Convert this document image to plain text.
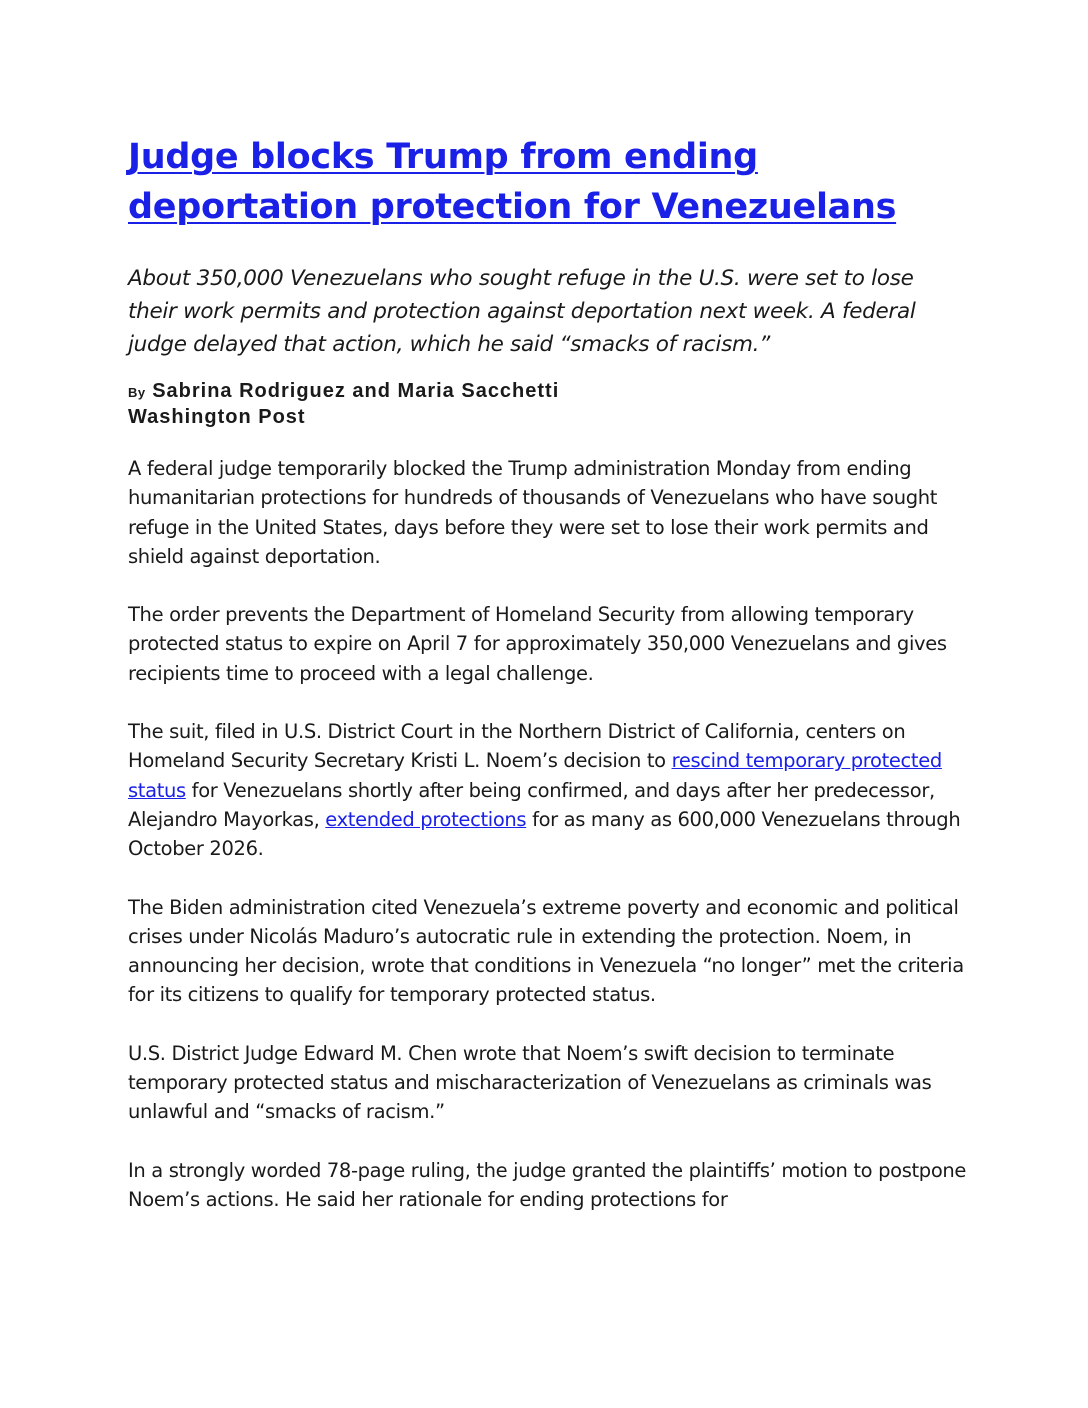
Judge blocks Trump from ending deportation protection for Venezuelans

About 350,000 Venezuelans who sought refuge in the U.S. were set to lose their work permits and protection against deportation next week. A federal judge delayed that action, which he said “smacks of racism.”

By Sabrina Rodriguez and Maria Sacchetti
Washington Post

A federal judge temporarily blocked the Trump administration Monday from ending humanitarian protections for hundreds of thousands of Venezuelans who have sought refuge in the United States, days before they were set to lose their work permits and shield against deportation.

The order prevents the Department of Homeland Security from allowing temporary protected status to expire on April 7 for approximately 350,000 Venezuelans and gives recipients time to proceed with a legal challenge.

The suit, filed in U.S. District Court in the Northern District of California, centers on Homeland Security Secretary Kristi L. Noem’s decision to rescind temporary protected status for Venezuelans shortly after being confirmed, and days after her predecessor, Alejandro Mayorkas, extended protections for as many as 600,000 Venezuelans through October 2026.

The Biden administration cited Venezuela’s extreme poverty and economic and political crises under Nicolás Maduro’s autocratic rule in extending the protection. Noem, in announcing her decision, wrote that conditions in Venezuela “no longer” met the criteria for its citizens to qualify for temporary protected status.

U.S. District Judge Edward M. Chen wrote that Noem’s swift decision to terminate temporary protected status and mischaracterization of Venezuelans as criminals was unlawful and “smacks of racism.”

In a strongly worded 78-page ruling, the judge granted the plaintiffs’ motion to postpone Noem’s actions. He said her rationale for ending protections for
